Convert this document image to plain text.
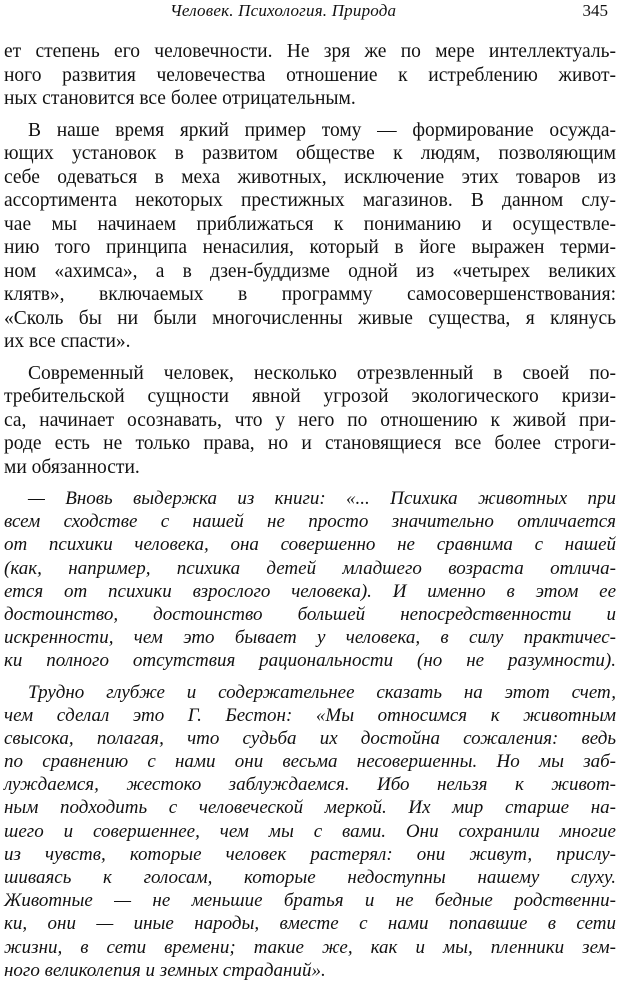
Человек. Психология. Природа	345
ет степень его человечности. Не зря же по мере интеллектуаль-
ного развития человечества отношение к истреблению живот-
ных становится все более отрицательным.
В наше время яркий пример тому — формирование осужда-
ющих установок в развитом обществе к людям, позволяющим
себе одеваться в меха животных, исключение этих товаров из
ассортимента некоторых престижных магазинов. В данном слу-
чае мы начинаем приближаться к пониманию и осуществле-
нию того принципа ненасилия, который в йоге выражен терми-
ном «ахимса», а в дзен-буддизме одной из «четырех великих
клятв», включаемых в программу самосовершенствования:
«Сколь бы ни были многочисленны живые существа, я клянусь
их все спасти».
Современный человек, несколько отрезвленный в своей по-
требительской сущности явной угрозой экологического кризи-
са, начинает осознавать, что у него по отношению к живой при-
роде есть не только права, но и становящиеся все более строги-
ми обязанности.
— Вновь выдержка из книги: «... Психика животных при
всем сходстве с нашей не просто значительно отличается
от психики человека, она совершенно не сравнима с нашей
(как, например, психика детей младшего возраста отлича-
ется от психики взрослого человека). И именно в этом ее
достоинство, достоинство большей непосредственности и
искренности, чем это бывает у человека, в силу практичес-
ки полного отсутствия рациональности (но не разумности).
Трудно глубже и содержательнее сказать на этот счет,
чем сделал это Г. Бестон: «Мы относимся к животным
свысока, полагая, что судьба их достойна сожаления: ведь
по сравнению с нами они весьма несовершенны. Но мы заб-
луждаемся, жестоко заблуждаемся. Ибо нельзя к живот-
ным подходить с человеческой меркой. Их мир старше на-
шего и совершеннее, чем мы с вами. Они сохранили многие
из чувств, которые человек растерял: они живут, прислу-
шиваясь к голосам, которые недоступны нашему слуху.
Животные — не меньшие братья и не бедные родственни-
ки, они — иные народы, вместе с нами попавшие в сети
жизни, в сети времени; такие же, как и мы, пленники зем-
ного великолепия и земных страданий».
